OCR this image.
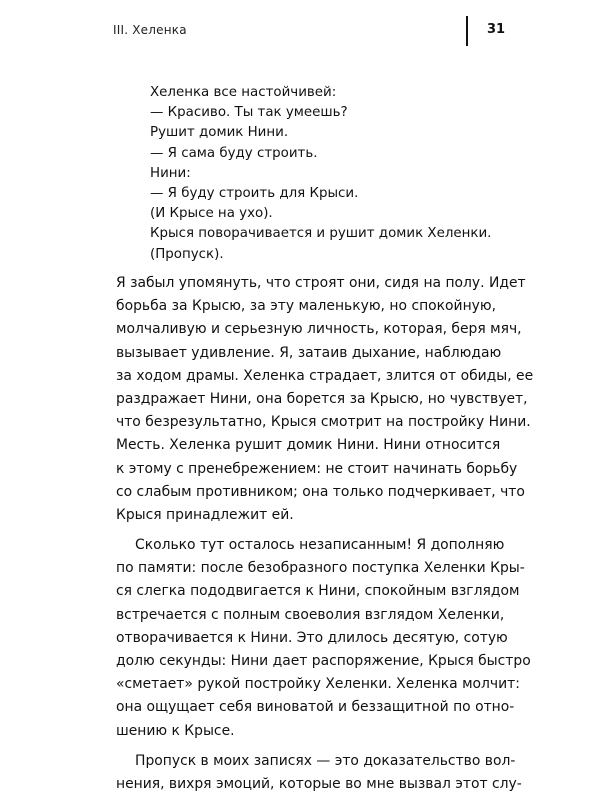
III. Хеленка	31
Хеленка все настойчивей:
— Красиво. Ты так умеешь?
Рушит домик Нини.
— Я сама буду строить.
Нини:
— Я буду строить для Крыси.
(И Крысе на ухо).
Крыся поворачивается и рушит домик Хеленки.
(Пропуск).
Я забыл упомянуть, что строят они, сидя на полу. Идет
борьба за Крысю, за эту маленькую, но спокойную,
молчаливую и серьезную личность, которая, беря мяч,
вызывает удивление. Я, затаив дыхание, наблюдаю
за ходом драмы. Хеленка страдает, злится от обиды, ее
раздражает Нини, она борется за Крысю, но чувствует,
что безрезультатно, Крыся смотрит на постройку Нини.
Месть. Хеленка рушит домик Нини. Нини относится
к этому с пренебрежением: не стоит начинать борьбу
со слабым противником; она только подчеркивает, что
Крыся принадлежит ей.
Сколько тут осталось незаписанным! Я дополняю
по памяти: после безобразного поступка Хеленки Кры-
ся слегка пододвигается к Нини, спокойным взглядом
встречается с полным своеволия взглядом Хеленки,
отворачивается к Нини. Это длилось десятую, сотую
долю секунды: Нини дает распоряжение, Крыся быстро
«сметает» рукой постройку Хеленки. Хеленка молчит:
она ощущает себя виноватой и беззащитной по отно-
шению к Крысе.
Пропуск в моих записях — это доказательство вол-
нения, вихря эмоций, которые во мне вызвал этот слу-
